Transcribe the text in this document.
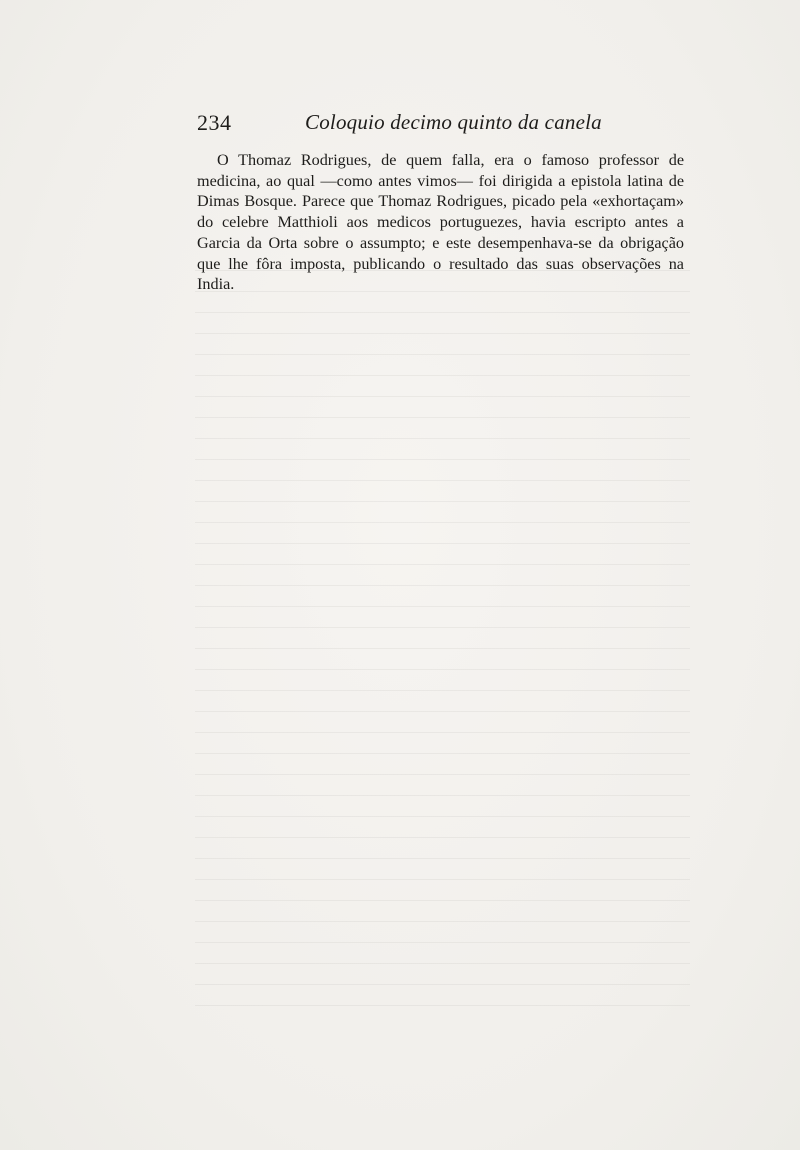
234	Coloquio decimo quinto da canela

O Thomaz Rodrigues, de quem falla, era o famoso professor de medicina, ao qual —como antes vimos— foi dirigida a epistola latina de Dimas Bosque. Parece que Thomaz Rodrigues, picado pela «exhortaçam» do celebre Matthioli aos medicos portuguezes, havia escripto antes a Garcia da Orta sobre o assumpto; e este desempenhava-se da obrigação que lhe fôra imposta, publicando o resultado das suas observações na India.
